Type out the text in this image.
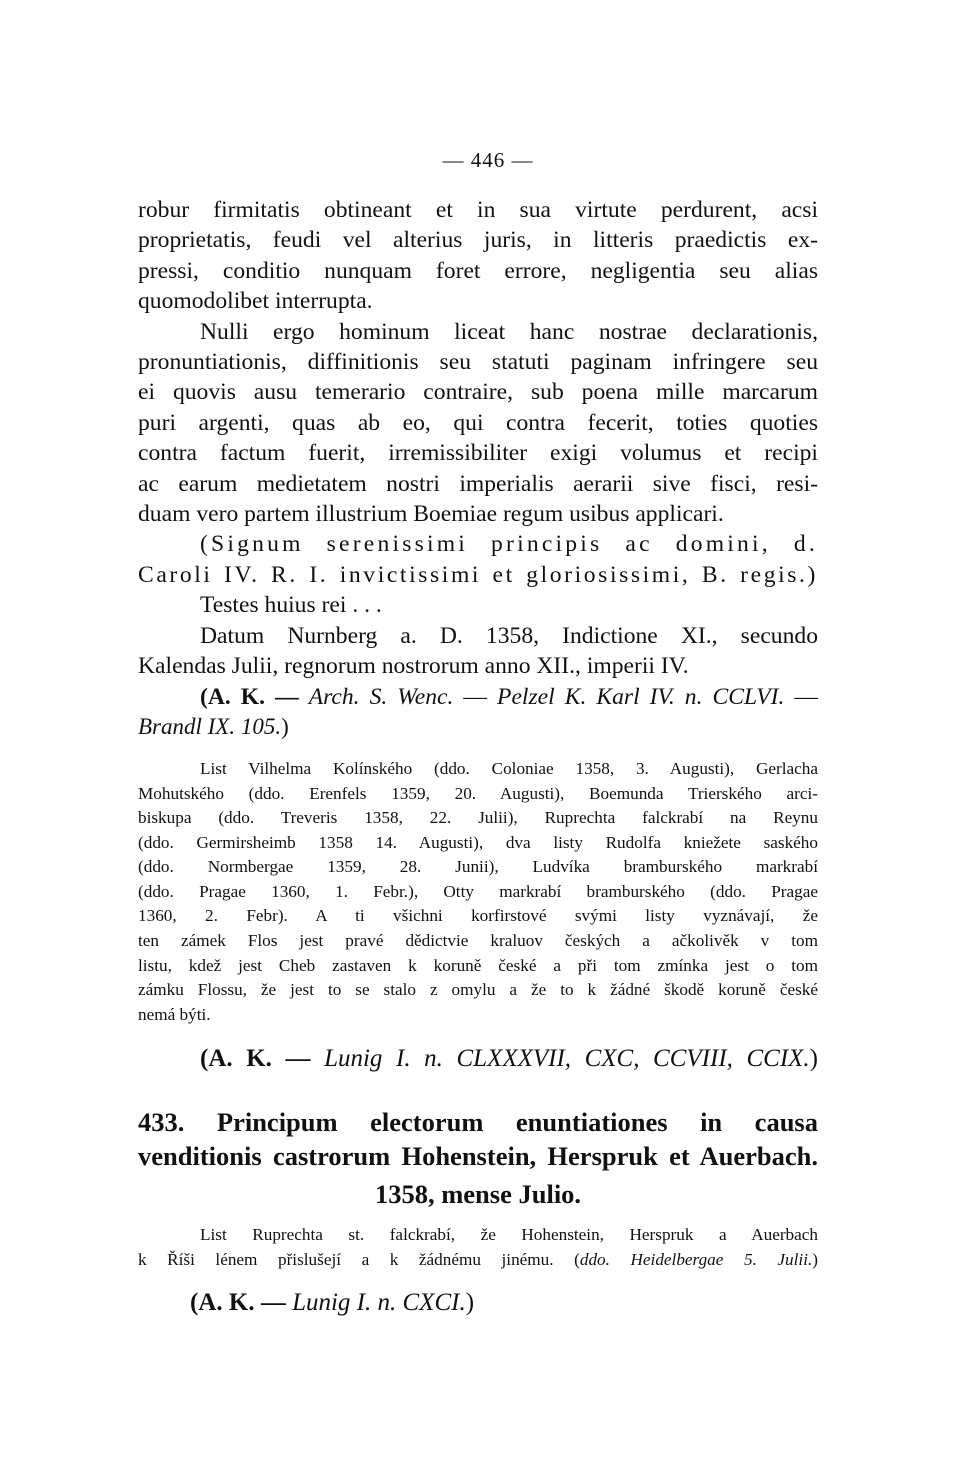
— 446 —

robur firmitatis obtineant et in sua virtute perdurent, acsi

proprietatis, feudi vel alterius juris, in litteris praedictis ex-

pressi, conditio nunquam foret errore, negligentia seu alias

quomodolibet interrupta.

Nulli ergo hominum liceat hanc nostrae declarationis,

pronuntiationis, diffinitionis seu statuti paginam infringere seu

ei quovis ausu temerario contraire, sub poena mille marcarum

puri argenti, quas ab eo, qui contra fecerit, toties quoties

contra factum fuerit, irremissibiliter exigi volumus et recipi

ac earum medietatem nostri imperialis aerarii sive fisci, resi-

duam vero partem illustrium Boemiae regum usibus applicari.

(Signum serenissimi principis ac domini, d.

Caroli IV. R. I. invictissimi et gloriosissimi, B. regis.)

Testes huius rei . . .

Datum Nurnberg a. D. 1358, Indictione XI., secundo

Kalendas Julii, regnorum nostrorum anno XII., imperii IV.

(A. K. — Arch. S. Wenc. — Pelzel K. Karl IV. n. CCLVI. —

Brandl IX. 105.)

List Vilhelma Kolínského (ddo. Coloniae 1358, 3. Augusti), Gerlacha

Mohutského (ddo. Erenfels 1359, 20. Augusti), Boemunda Trierského arci-

biskupa (ddo. Treveris 1358, 22. Julii), Ruprechta falckrabí na Reynu

(ddo. Germirsheimb 1358 14. Augusti), dva listy Rudolfa kniežete saského

(ddo. Normbergae 1359, 28. Junii), Ludvíka bramburského markrabí

(ddo. Pragae 1360, 1. Febr.), Otty markrabí bramburského (ddo. Pragae

1360, 2. Febr). A ti všichni korfirstové svými listy vyznávají, že

ten zámek Flos jest pravé dědictvie kraluov českých a ačkolivěk v tom

listu, kdež jest Cheb zastaven k koruně české a při tom zmínka jest o tom

zámku Flossu, že jest to se stalo z omylu a že to k žádné škodě koruně české

nemá býti.

(A. K. — Lunig I. n. CLXXXVII, CXC, CCVIII, CCIX.)
433. Principum electorum enuntiationes in causa
venditionis castrorum Hohenstein, Herspruk et Auerbach.
1358, mense Julio.

List Ruprechta st. falckrabí, že Hohenstein, Herspruk a Auerbach

k Říši lénem přislušejí a k žádnému jinému. (ddo. Heidelbergae 5. Julii.)

(A. K. — Lunig I. n. CXCI.)
